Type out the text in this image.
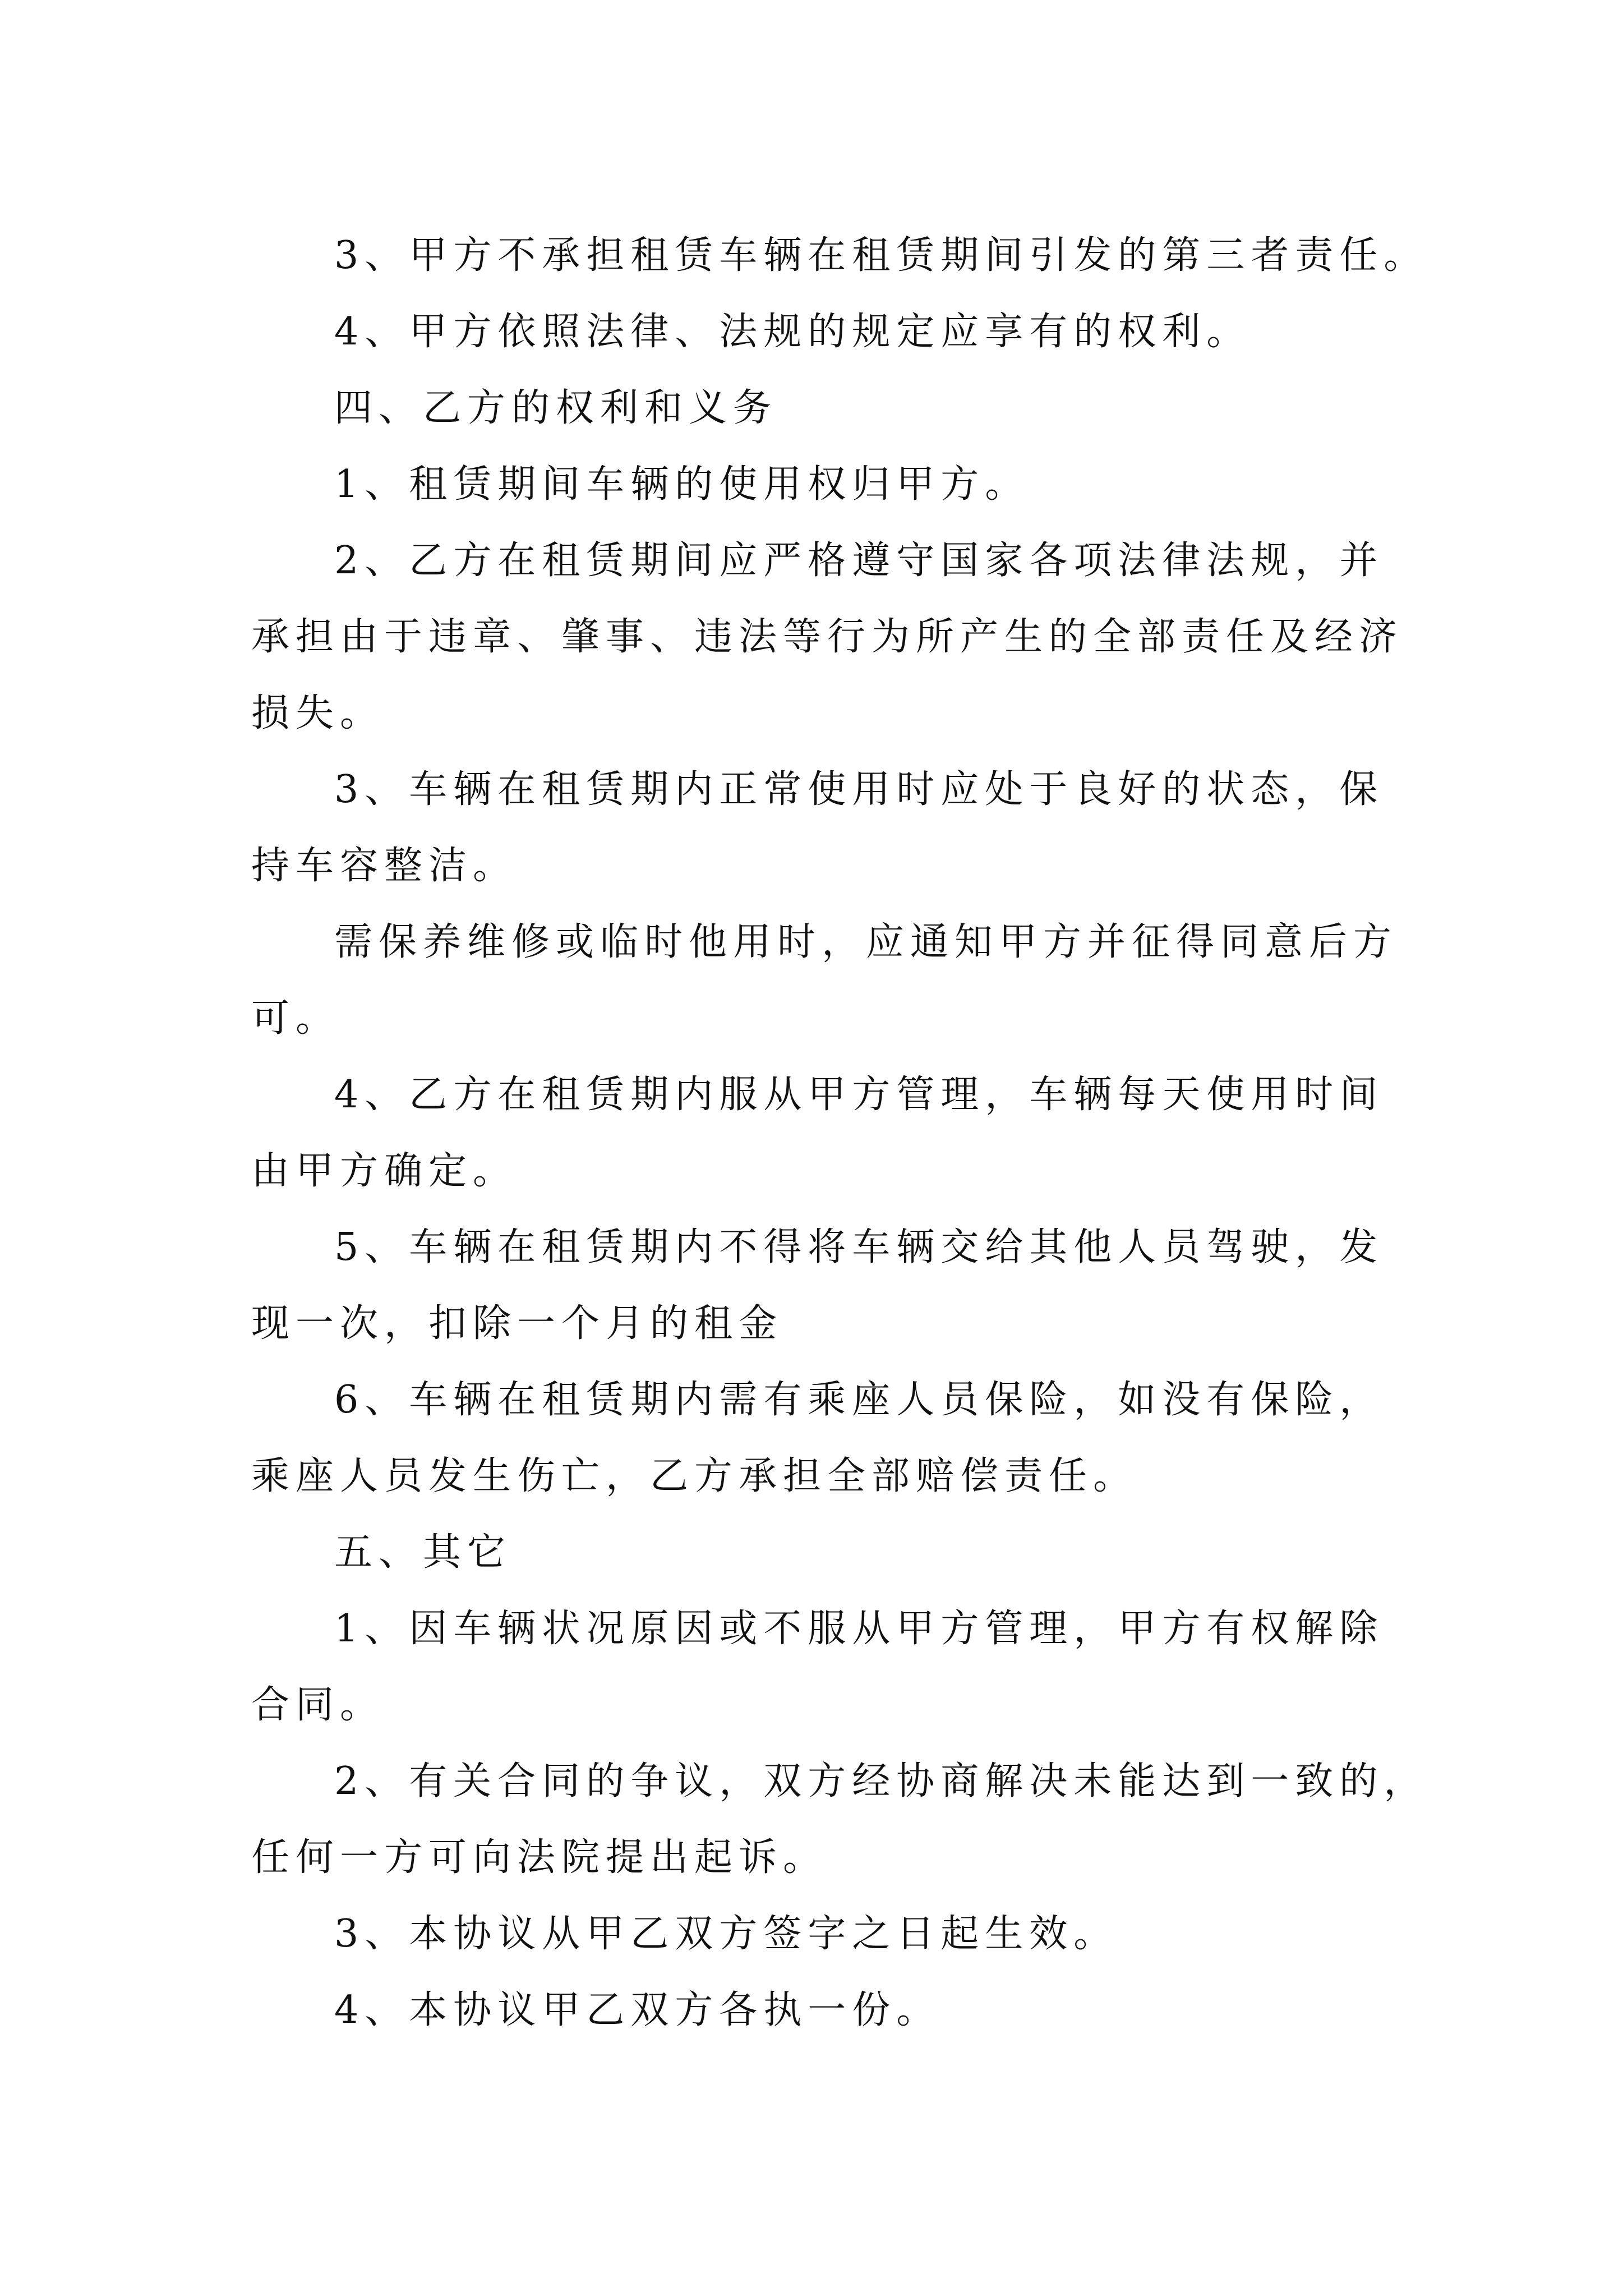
3、甲方不承担租赁车辆在租赁期间引发的第三者责任。
4、甲方依照法律、法规的规定应享有的权利。
四、乙方的权利和义务
1、租赁期间车辆的使用权归甲方。
2、乙方在租赁期间应严格遵守国家各项法律法规，并
承担由于违章、肇事、违法等行为所产生的全部责任及经济
损失。
3、车辆在租赁期内正常使用时应处于良好的状态，保
持车容整洁。
需保养维修或临时他用时，应通知甲方并征得同意后方
可。
4、乙方在租赁期内服从甲方管理，车辆每天使用时间
由甲方确定。
5、车辆在租赁期内不得将车辆交给其他人员驾驶，发
现一次，扣除一个月的租金
6、车辆在租赁期内需有乘座人员保险，如没有保险，
乘座人员发生伤亡，乙方承担全部赔偿责任。
五、其它
1、因车辆状况原因或不服从甲方管理，甲方有权解除
合同。
2、有关合同的争议，双方经协商解决未能达到一致的，
任何一方可向法院提出起诉。
3、本协议从甲乙双方签字之日起生效。
4、本协议甲乙双方各执一份。
